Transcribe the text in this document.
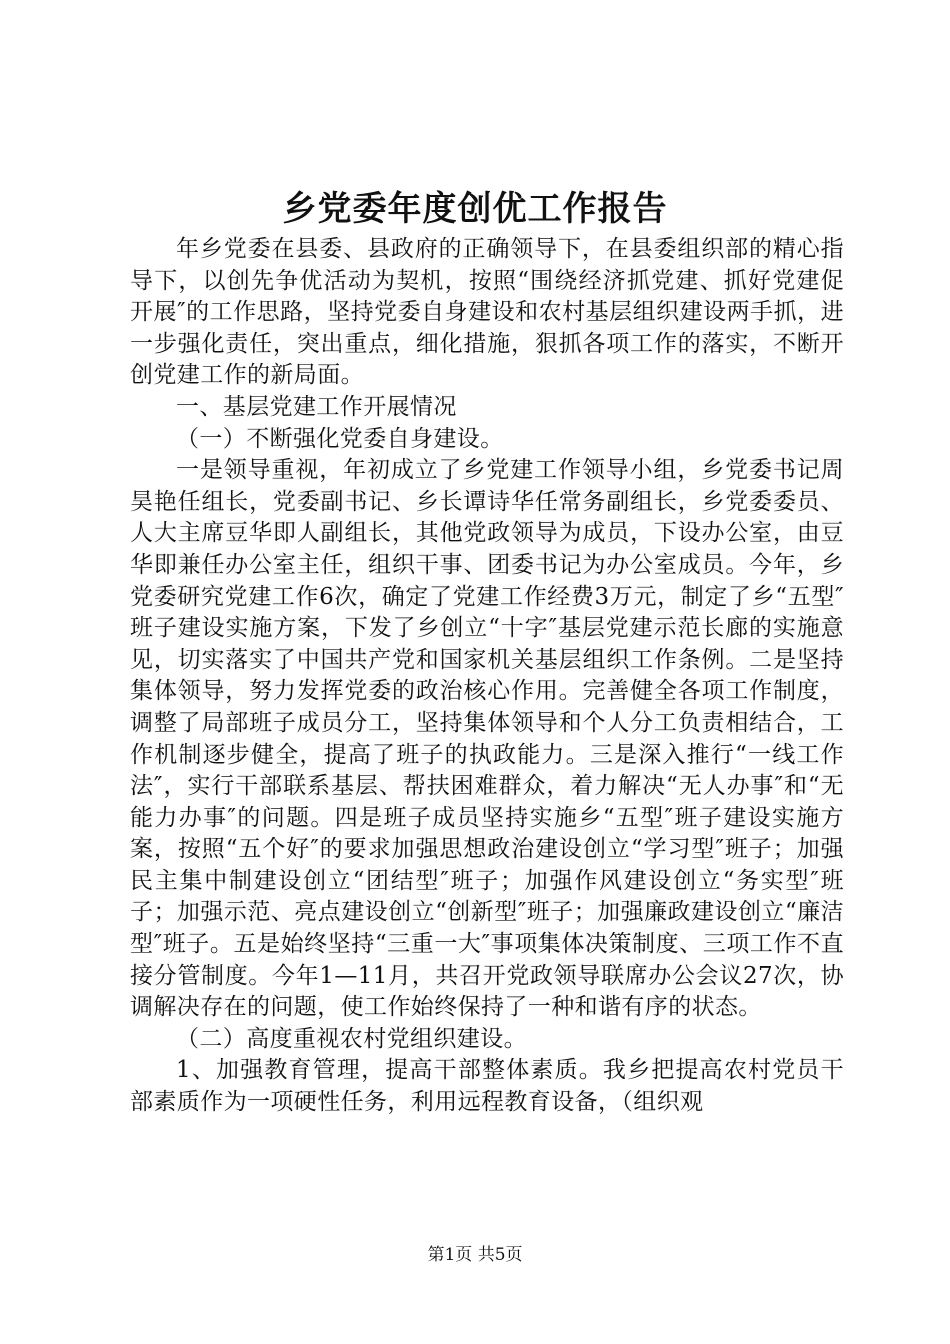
乡党委年度创优工作报告

年乡党委在县委、县政府的正确领导下，在县委组织部的精心指导下，以创先争优活动为契机，按照“围绕经济抓党建、抓好党建促开展″的工作思路，坚持党委自身建设和农村基层组织建设两手抓，进一步强化责任，突出重点，细化措施，狠抓各项工作的落实，不断开创党建工作的新局面。

一、基层党建工作开展情况

（一）不断强化党委自身建设。

一是领导重视，年初成立了乡党建工作领导小组，乡党委书记周昊艳任组长，党委副书记、乡长谭诗华任常务副组长，乡党委委员、人大主席豆华即人副组长，其他党政领导为成员，下设办公室，由豆华即兼任办公室主任，组织干事、团委书记为办公室成员。今年，乡党委研究党建工作6次，确定了党建工作经费3万元，制定了乡“五型″班子建设实施方案，下发了乡创立“十字″基层党建示范长廊的实施意见，切实落实了中国共产党和国家机关基层组织工作条例。二是坚持集体领导，努力发挥党委的政治核心作用。完善健全各项工作制度，调整了局部班子成员分工，坚持集体领导和个人分工负责相结合，工作机制逐步健全，提高了班子的执政能力。三是深入推行“一线工作法″，实行干部联系基层、帮扶困难群众，着力解决“无人办事″和“无能力办事″的问题。四是班子成员坚持实施乡“五型″班子建设实施方案，按照“五个好″的要求加强思想政治建设创立“学习型″班子；加强民主集中制建设创立“团结型″班子；加强作风建设创立“务实型″班子；加强示范、亮点建设创立“创新型″班子；加强廉政建设创立“廉洁型″班子。五是始终坚持“三重一大″事项集体决策制度、三项工作不直接分管制度。今年1—11月，共召开党政领导联席办公会议27次，协调解决存在的问题，使工作始终保持了一种和谐有序的状态。

（二）高度重视农村党组织建设。

1、加强教育管理，提高干部整体素质。我乡把提高农村党员干部素质作为一项硬性任务，利用远程教育设备，（组织观

第1页 共5页
